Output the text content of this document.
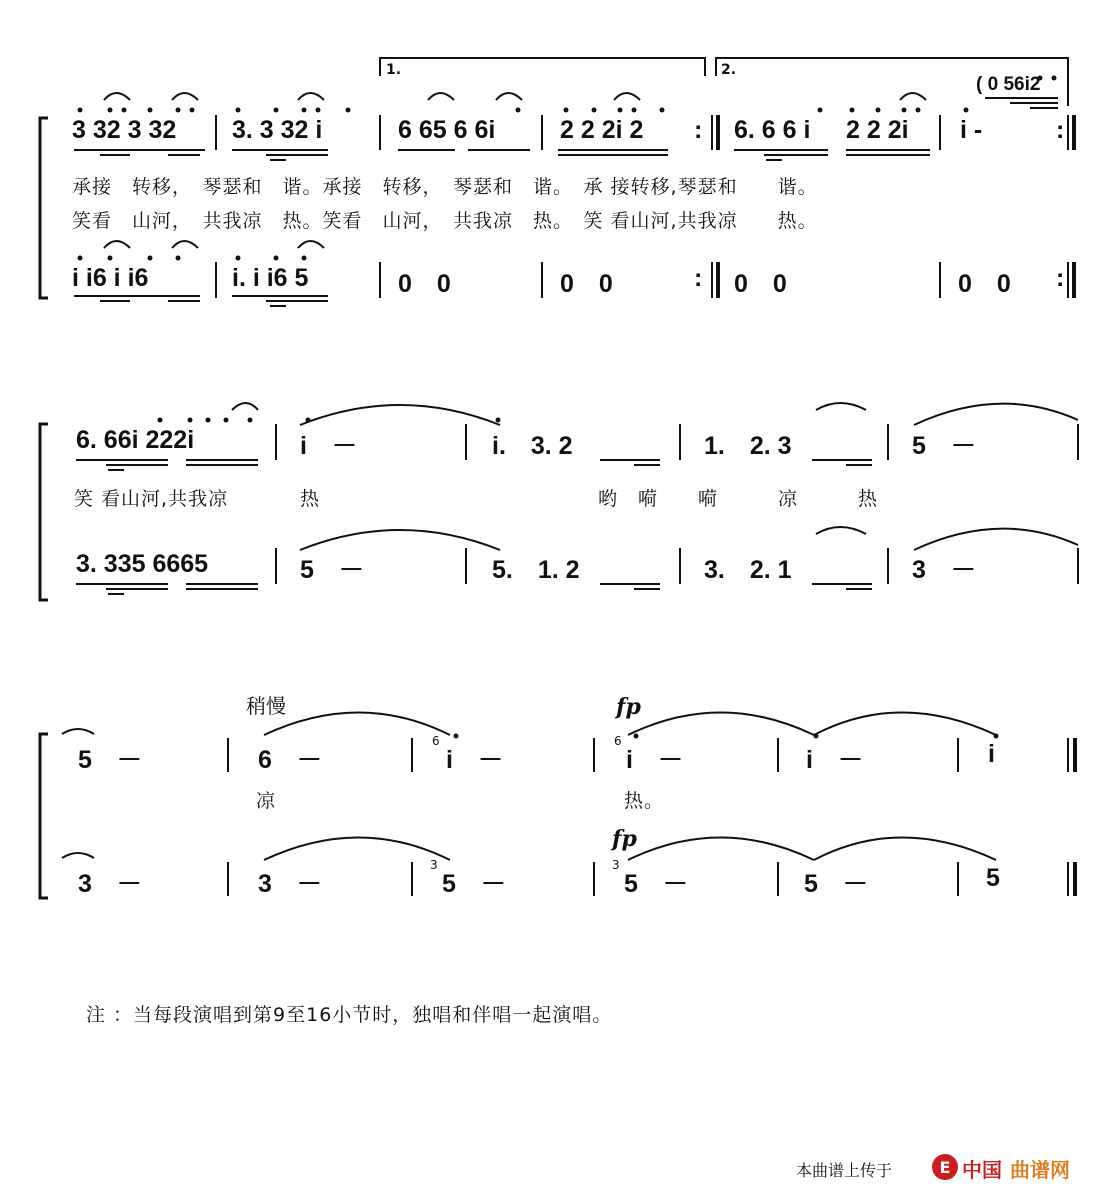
1.	2.
( 0 56i2
3 32 3 32 3. 3 32 i	6 65 6 6i	2 2 2i 2 : 6. 6 6 i 2 2 2i i -	:
承接　转移，　琴瑟和　谐。承接　转移，　琴瑟和　谐。　承 接转移,琴瑟和　　谐。
笑看　山河，　共我凉　热。笑看　山河，　共我凉　热。　笑 看山河,共我凉　　热。
i i6 i i6	i. i i6 5	0　0	0　0	: 0　0	0　0 :
6. 66i 222i	i　－	i.　3. 2	1.　2. 3	5　－
笑 看山河,共我凉	热	哟　嗬　　嗬　　　凉　　　热
3. 335 6665	5　－	5.　1. 2	3.　2. 1	3　－
稍慢	fp
fp
5　－	6　－
6
i　－
6
i　－	i　－	i
凉	热。
3　－	3　－
3
5　－
3
5　－	5　－	5
注 ：当每段演唱到第9至16小节时，独唱和伴唱一起演唱。
本曲谱上传于	E 中国 曲谱网
